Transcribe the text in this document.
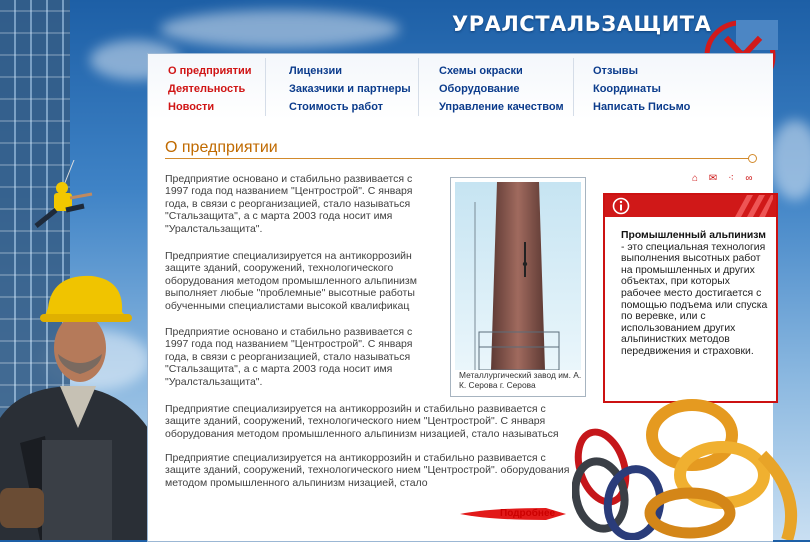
УРАЛСТАЛЬЗАЩИТА
О предприятии
Деятельность
Новости
Лицензии
Заказчики и партнеры
Стоимость работ
Схемы окраски
Оборудование
Управление качеством
Отзывы
Координаты
Написать Письмо
О предприятии
⌂ ✉ ⁖ ∞

Предприятие основано и стабильно развивается с 1997 года под названием "Центрострой". С января года, в связи с реорганизацией, стало называться "Стальзащита", а с марта 2003 года носит имя "Уралстальзащита".

Предприятие специализируется на антикоррозийн защите зданий, сооружений, технологического оборудования методом промышленного альпинизм выполняет любые "проблемные" высотные работы обученными специалистами высокой квалификац

Предприятие основано и стабильно развивается с 1997 года под названием "Центрострой". С января года, в связи с реорганизацией, стало называться "Стальзащита", а с марта 2003 года носит имя "Уралстальзащита".

Предприятие специализируется на антикоррозийн и стабильно развивается с защите зданий, сооружений, технологического нием "Центрострой". С января оборудования методом промышленного альпинизм низацией, стало называться

Предприятие специализируется на антикоррозийн и стабильно развивается с защите зданий, сооружений, технологического нием "Центрострой". оборудования методом промышленного альпинизм низацией, стало

Металлургический завод им. А. К. Серова г. Серова
Подробнее

Промышленный альпинизм - это специальная технология выполнения высотных работ на промышленных и других объектах, при которых рабочее место достигается с помощью подъема или спуска по веревке, или с использованием других альпинистких методов передвижения и страховки.
